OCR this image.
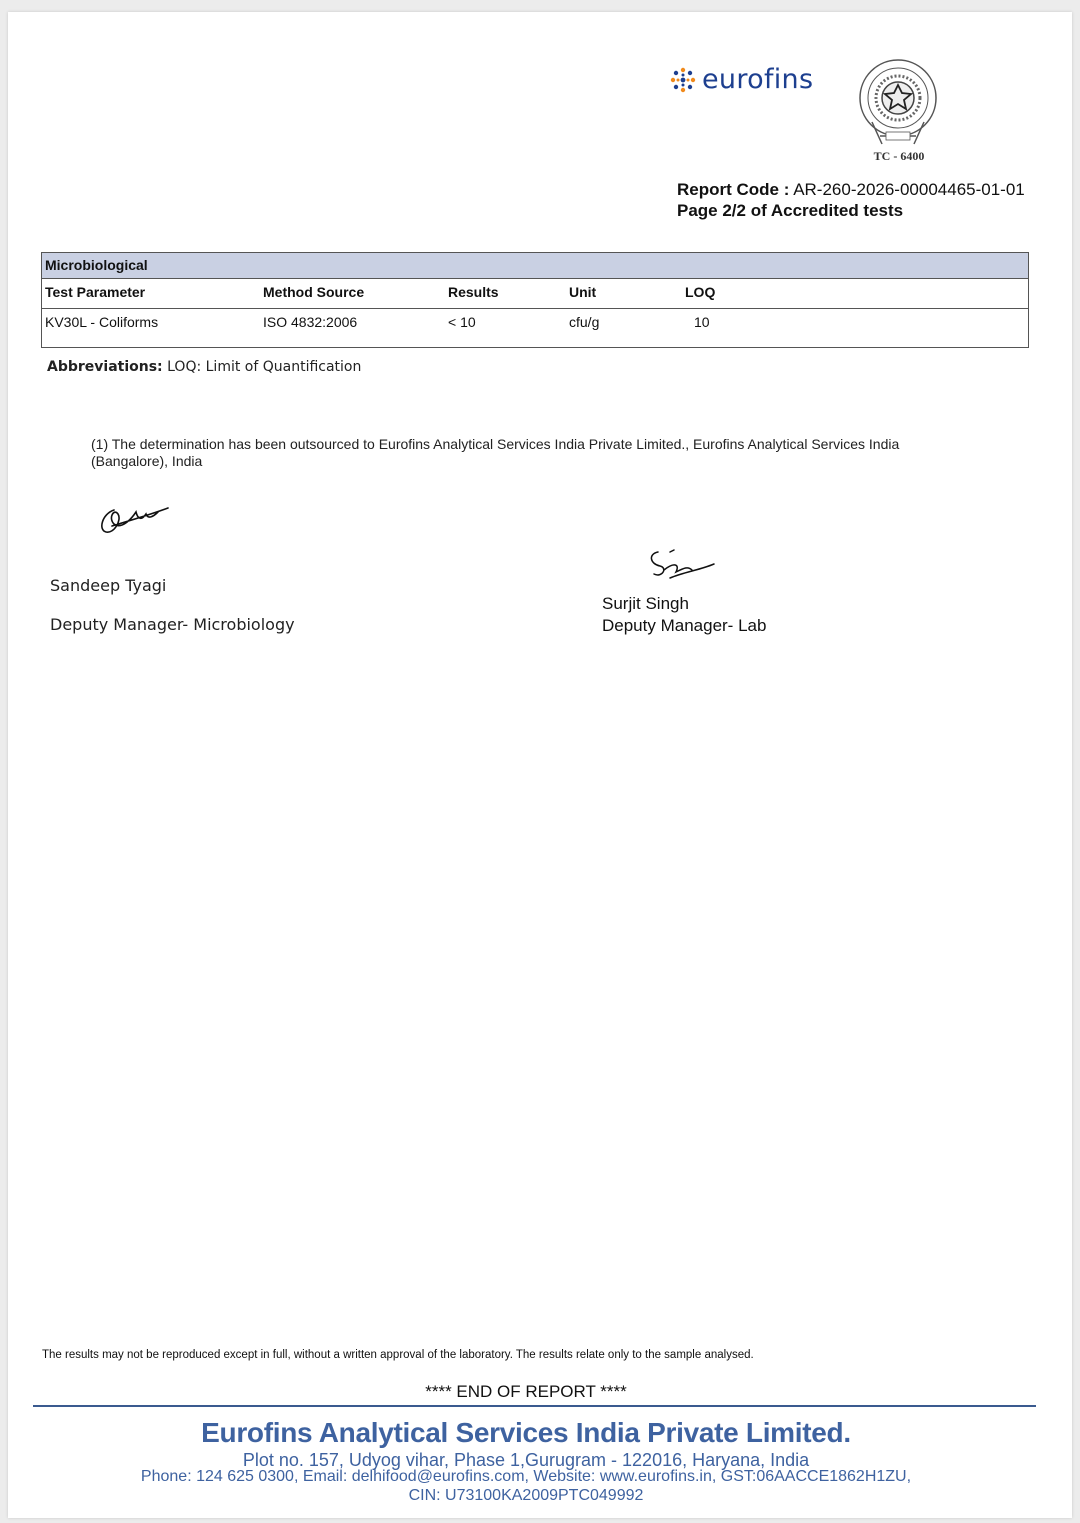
eurofins
TC - 6400
Report Code : AR-260-2026-00004465-01-01
Page 2/2 of Accredited tests
Microbiological
Test Parameter	Method Source	Results	Unit	LOQ
KV30L - Coliforms	ISO 4832:2006	< 10	cfu/g	10
Abbreviations: LOQ: Limit of Quantification
(1) The determination has been outsourced to Eurofins Analytical Services India Private Limited., Eurofins Analytical Services India (Bangalore), India
Sandeep Tyagi
Deputy Manager- Microbiology
Surjit Singh
Deputy Manager- Lab
The results may not be reproduced except in full, without a written approval of the laboratory. The results relate only to the sample analysed.
**** END OF REPORT ****
Eurofins Analytical Services India Private Limited.
Plot no. 157, Udyog vihar, Phase 1,Gurugram - 122016, Haryana, India
Phone: 124 625 0300, Email: delhifood@eurofins.com, Website: www.eurofins.in, GST:06AACCE1862H1ZU,
CIN: U73100KA2009PTC049992
